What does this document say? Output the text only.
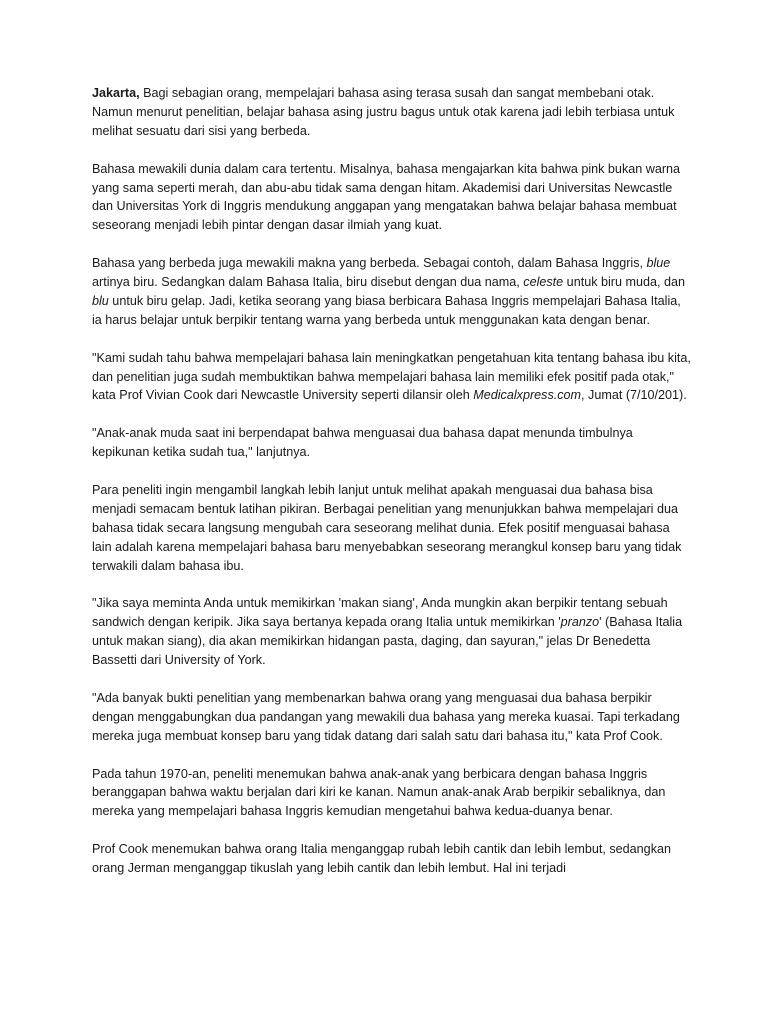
Jakarta, Bagi sebagian orang, mempelajari bahasa asing terasa susah dan sangat membebani otak. Namun menurut penelitian, belajar bahasa asing justru bagus untuk otak karena jadi lebih terbiasa untuk melihat sesuatu dari sisi yang berbeda.

Bahasa mewakili dunia dalam cara tertentu. Misalnya, bahasa mengajarkan kita bahwa pink bukan warna yang sama seperti merah, dan abu-abu tidak sama dengan hitam. Akademisi dari Universitas Newcastle dan Universitas York di Inggris mendukung anggapan yang mengatakan bahwa belajar bahasa membuat seseorang menjadi lebih pintar dengan dasar ilmiah yang kuat.

Bahasa yang berbeda juga mewakili makna yang berbeda. Sebagai contoh, dalam Bahasa Inggris, blue artinya biru. Sedangkan dalam Bahasa Italia, biru disebut dengan dua nama, celeste untuk biru muda, dan blu untuk biru gelap. Jadi, ketika seorang yang biasa berbicara Bahasa Inggris mempelajari Bahasa Italia, ia harus belajar untuk berpikir tentang warna yang berbeda untuk menggunakan kata dengan benar.

"Kami sudah tahu bahwa mempelajari bahasa lain meningkatkan pengetahuan kita tentang bahasa ibu kita, dan penelitian juga sudah membuktikan bahwa mempelajari bahasa lain memiliki efek positif pada otak," kata Prof Vivian Cook dari Newcastle University seperti dilansir oleh Medicalxpress.com, Jumat (7/10/201).

"Anak-anak muda saat ini berpendapat bahwa menguasai dua bahasa dapat menunda timbulnya kepikunan ketika sudah tua," lanjutnya.

Para peneliti ingin mengambil langkah lebih lanjut untuk melihat apakah menguasai dua bahasa bisa menjadi semacam bentuk latihan pikiran. Berbagai penelitian yang menunjukkan bahwa mempelajari dua bahasa tidak secara langsung mengubah cara seseorang melihat dunia. Efek positif menguasai bahasa lain adalah karena mempelajari bahasa baru menyebabkan seseorang merangkul konsep baru yang tidak terwakili dalam bahasa ibu.

"Jika saya meminta Anda untuk memikirkan 'makan siang', Anda mungkin akan berpikir tentang sebuah sandwich dengan keripik. Jika saya bertanya kepada orang Italia untuk memikirkan 'pranzo' (Bahasa Italia untuk makan siang), dia akan memikirkan hidangan pasta, daging, dan sayuran," jelas Dr Benedetta Bassetti dari University of York.

"Ada banyak bukti penelitian yang membenarkan bahwa orang yang menguasai dua bahasa berpikir dengan menggabungkan dua pandangan yang mewakili dua bahasa yang mereka kuasai. Tapi terkadang mereka juga membuat konsep baru yang tidak datang dari salah satu dari bahasa itu," kata Prof Cook.

Pada tahun 1970-an, peneliti menemukan bahwa anak-anak yang berbicara dengan bahasa Inggris beranggapan bahwa waktu berjalan dari kiri ke kanan. Namun anak-anak Arab berpikir sebaliknya, dan mereka yang mempelajari bahasa Inggris kemudian mengetahui bahwa kedua-duanya benar.

Prof Cook menemukan bahwa orang Italia menganggap rubah lebih cantik dan lebih lembut, sedangkan orang Jerman menganggap tikuslah yang lebih cantik dan lebih lembut. Hal ini terjadi
